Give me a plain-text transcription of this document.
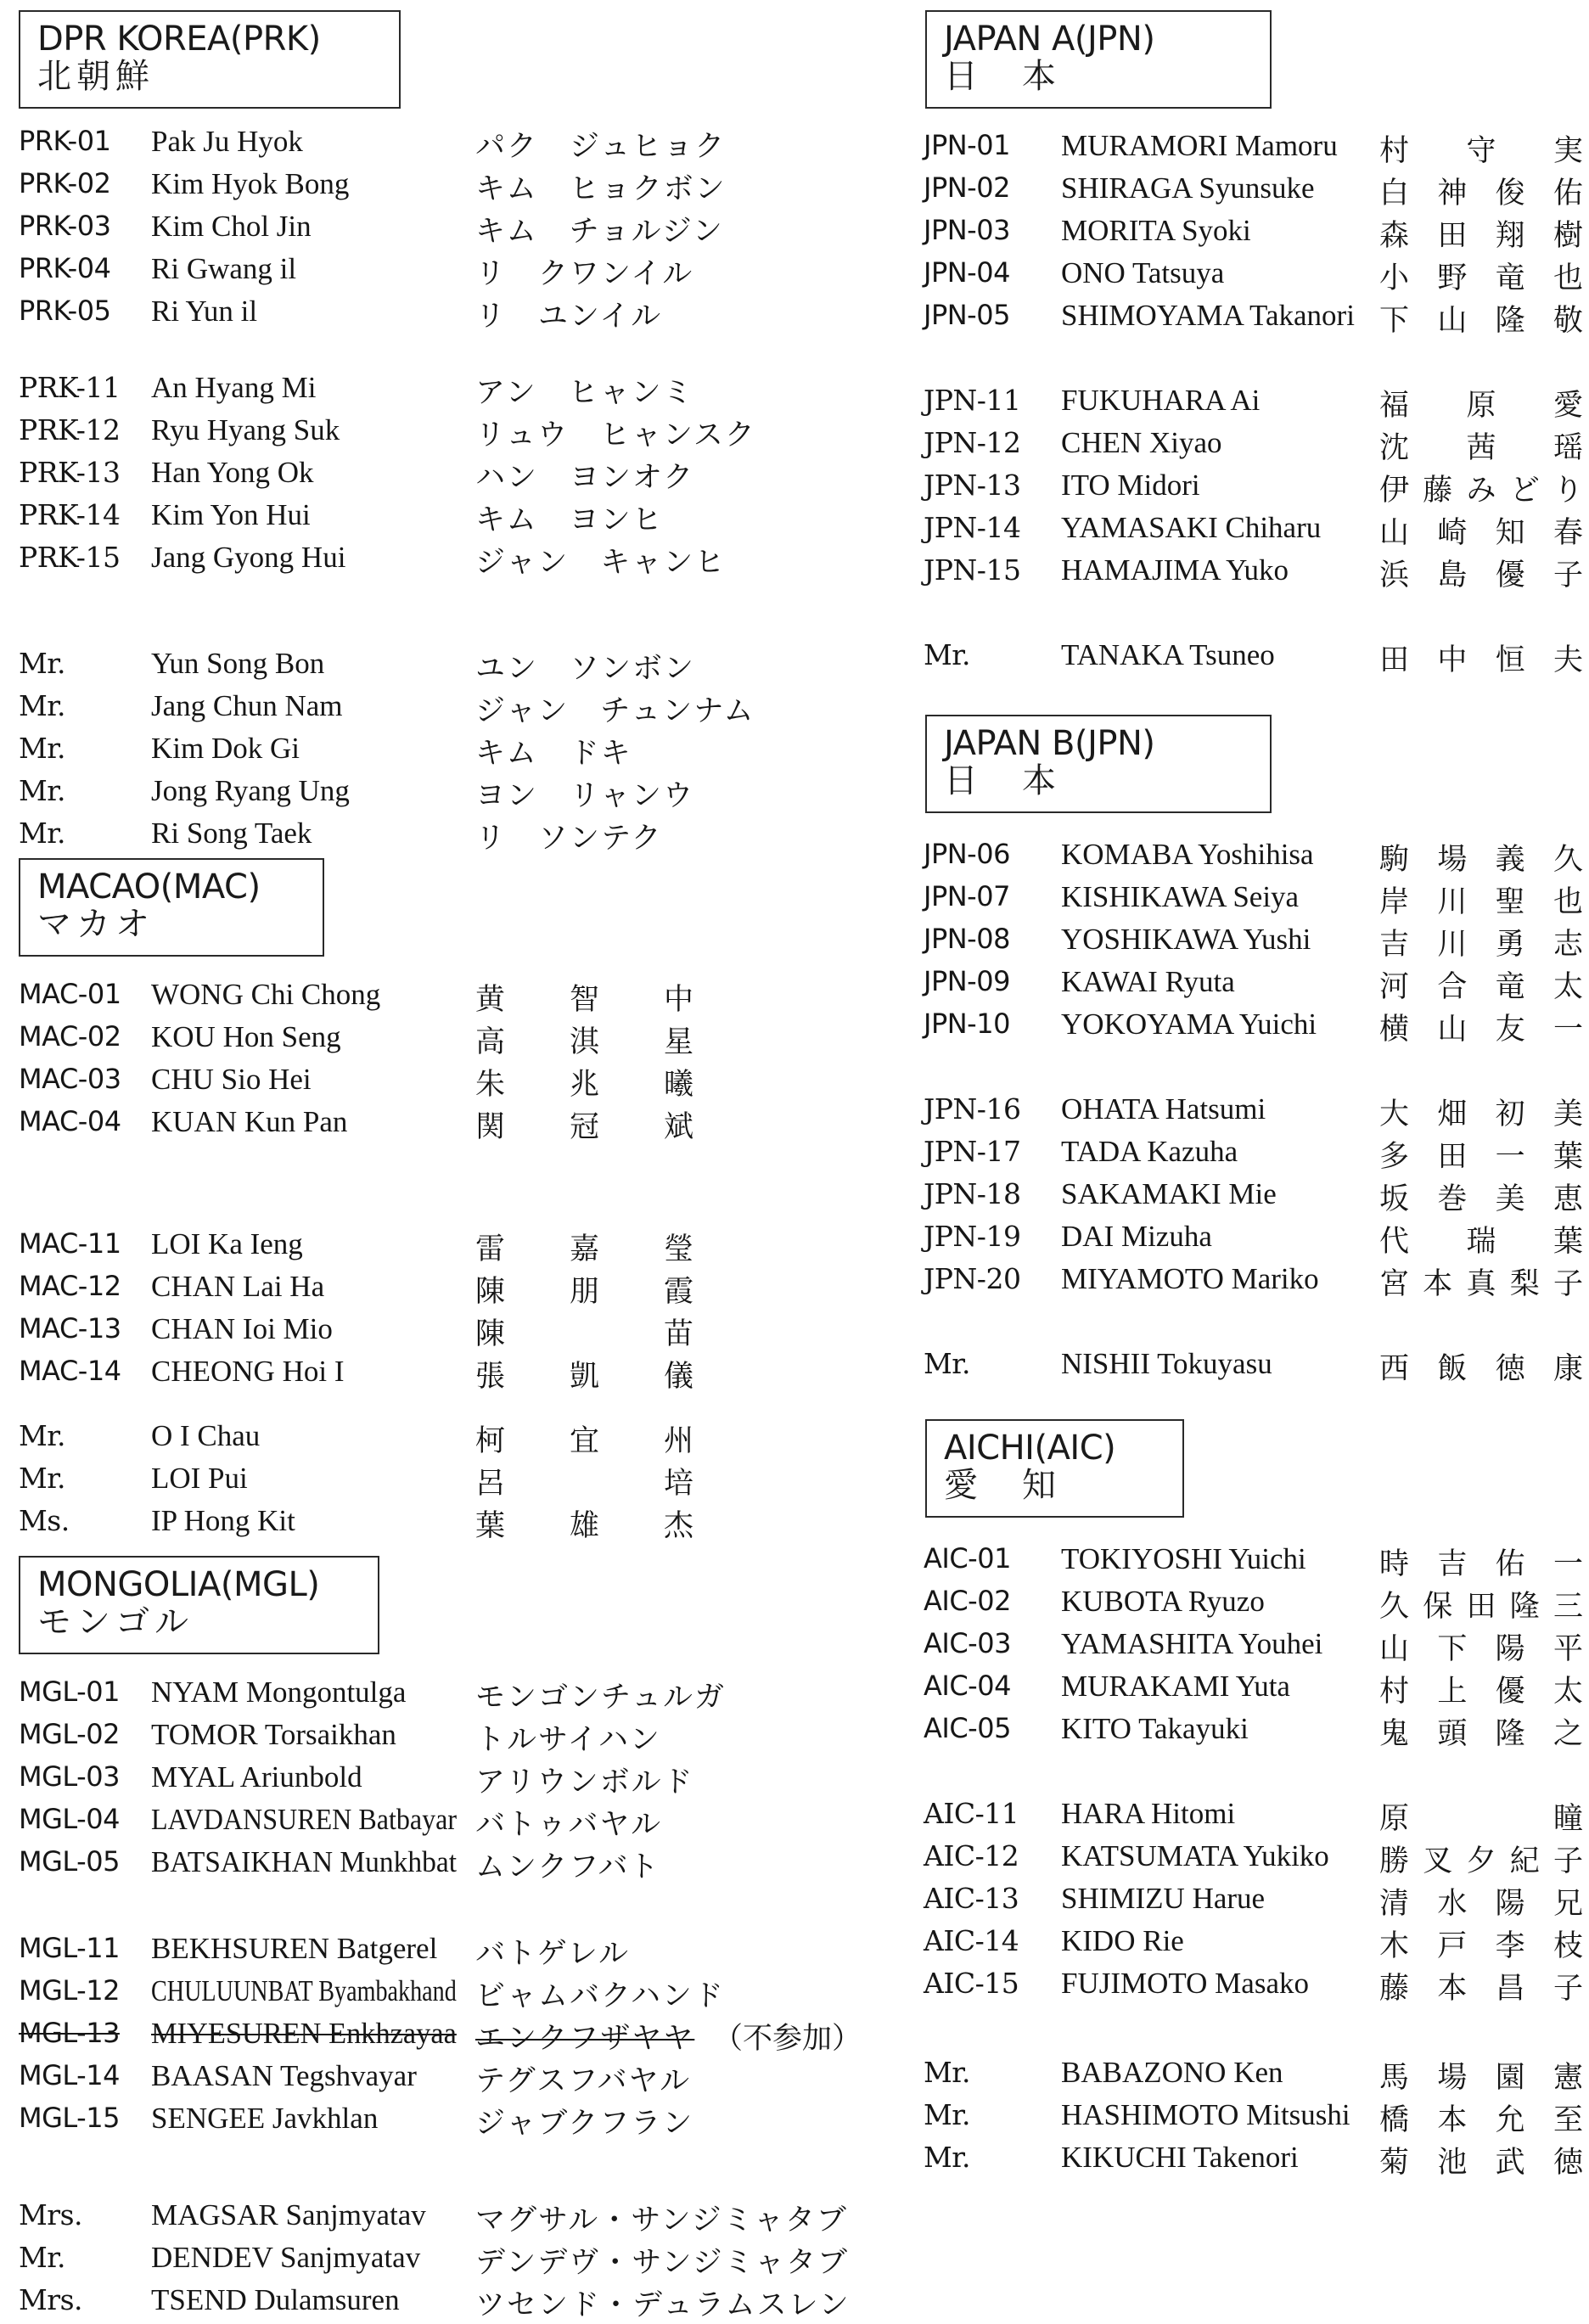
DPR KOREA(PRK)
北朝鮮
PRK-01 Pak Ju Hyok	パク　ジュヒョク
PRK-02 Kim Hyok Bong	キム　ヒョクボン
PRK-03 Kim Chol Jin	キム　チョルジン
PRK-04 Ri Gwang il	リ　クワンイル
PRK-05 Ri Yun il	リ　ユンイル
PRK-11 An Hyang Mi	アン　ヒャンミ
PRK-12 Ryu Hyang Suk	リュウ　ヒャンスク
PRK-13 Han Yong Ok	ハン　ヨンオク
PRK-14 Kim Yon Hui	キム　ヨンヒ
PRK-15 Jang Gyong Hui	ジャン　キャンヒ
Mr.	Yun Song Bon	ユン　ソンボン
Mr.	Jang Chun Nam	ジャン　チュンナム
Mr.	Kim Dok Gi	キム　ドキ
Mr.	Jong Ryang Ung	ヨン　リャンウ
Mr.	Ri Song Taek	リ　ソンテク
MACAO(MAC)
マカオ
MAC-01 WONG Chi Chong	黄　　智　　中
MAC-02 KOU Hon Seng	高　　淇　　星
MAC-03 CHU Sio Hei	朱　　兆　　曦
MAC-04 KUAN Kun Pan	関　　冠　　斌
MAC-11 LOI Ka Ieng	雷　　嘉　　瑩
MAC-12 CHAN Lai Ha	陳　　朋　　霞
MAC-13 CHAN Ioi Mio	陳　　　　　苗
MAC-14 CHEONG Hoi I	張　　凱　　儀
Mr.	O I Chau	柯　　宜　　州
Mr.	LOI Pui	呂　　　　　培
Ms.	IP Hong Kit	葉　　雄　　杰
MONGOLIA(MGL)
モンゴル
MGL-01 NYAM Mongontulga モンゴンチュルガ
MGL-02 TOMOR Torsaikhan	トルサイハン
MGL-03 MYAL Ariunbold	アリウンボルド
MGL-04 LAVDANSUREN Batbayar バトゥバヤル
MGL-05 BATSAIKHAN Munkhbat ムンクフバト
MGL-11 BEKHSUREN Batgerel バトゲレル
MGL-12 CHULUUNBAT Byambakhand ビャムバクハンド
MGL-13 MIYESUREN Enkhzayaa エンクフザヤヤ （不参加）
MGL-14 BAASAN Tegshvayar テグスフバヤル
MGL-15 SENGEE Javkhlan	ジャブクフラン
Mrs. MAGSAR Sanjmyatav マグサル・サンジミャタブ
Mr.	DENDEV Sanjmyatav デンデヴ・サンジミャタブ
Mrs. TSEND Dulamsuren	ツセンド・デュラムスレン
JAPAN A(JPN)
日　本
JPN-01 MURAMORI Mamoru 村守実
JPN-02 SHIRAGA Syunsuke 白神俊佑
JPN-03 MORITA Syoki	森田翔樹
JPN-04 ONO Tatsuya	小野竜也
JPN-05 SHIMOYAMA Takanori 下山隆敬
JPN-11 FUKUHARA Ai	福原愛
JPN-12 CHEN Xiyao	沈茜瑶
JPN-13 ITO Midori	伊藤みどり
JPN-14 YAMASAKI Chiharu 山崎知春
JPN-15 HAMAJIMA Yuko	浜島優子
Mr.	TANAKA Tsuneo	田中恒夫
JAPAN B(JPN)
日　本
JPN-06 KOMABA Yoshihisa 駒場義久
JPN-07 KISHIKAWA Seiya	岸川聖也
JPN-08 YOSHIKAWA Yushi 吉川勇志
JPN-09 KAWAI Ryuta	河合竜太
JPN-10 YOKOYAMA Yuichi 横山友一
JPN-16 OHATA Hatsumi	大畑初美
JPN-17 TADA Kazuha	多田一葉
JPN-18 SAKAMAKI Mie	坂巻美恵
JPN-19 DAI Mizuha	代瑞葉
JPN-20 MIYAMOTO Mariko 宮本真梨子
Mr.	NISHII Tokuyasu	西飯徳康
AICHI(AIC)
愛　知
AIC-01 TOKIYOSHI Yuichi 時吉佑一
AIC-02 KUBOTA Ryuzo	久保田隆三
AIC-03 YAMASHITA Youhei 山下陽平
AIC-04 MURAKAMI Yuta	村上優太
AIC-05 KITO Takayuki	鬼頭隆之
AIC-11 HARA Hitomi	原瞳
AIC-12 KATSUMATA Yukiko 勝叉夕紀子
AIC-13 SHIMIZU Harue	清水陽兄
AIC-14 KIDO Rie	木戸李枝
AIC-15 FUJIMOTO Masako 藤本昌子
Mr.	BABAZONO Ken	馬場園憲
Mr.	HASHIMOTO Mitsushi 橋本允至
Mr.	KIKUCHI Takenori	菊池武徳
